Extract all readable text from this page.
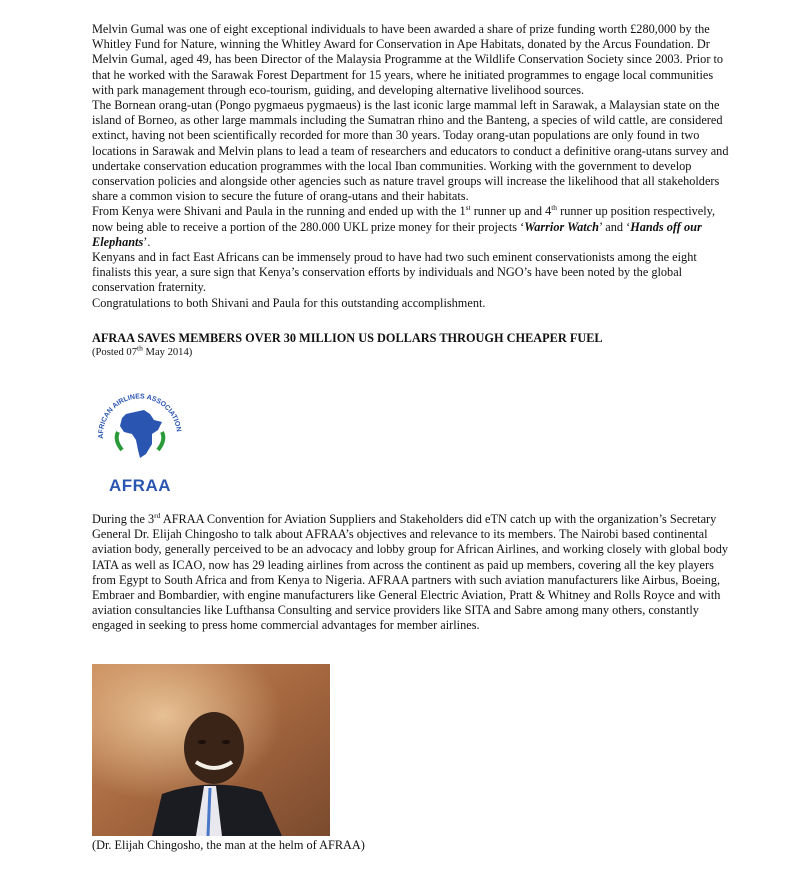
Melvin Gumal was one of eight exceptional individuals to have been awarded a share of prize funding worth £280,000 by the Whitley Fund for Nature, winning the Whitley Award for Conservation in Ape Habitats, donated by the Arcus Foundation. Dr Melvin Gumal, aged 49, has been Director of the Malaysia Programme at the Wildlife Conservation Society since 2003. Prior to that he worked with the Sarawak Forest Department for 15 years, where he initiated programmes to engage local communities with park management through eco-tourism, guiding, and developing alternative livelihood sources.

The Bornean orang-utan (Pongo pygmaeus pygmaeus) is the last iconic large mammal left in Sarawak, a Malaysian state on the island of Borneo, as other large mammals including the Sumatran rhino and the Banteng, a species of wild cattle, are considered extinct, having not been scientifically recorded for more than 30 years. Today orang-utan populations are only found in two locations in Sarawak and Melvin plans to lead a team of researchers and educators to conduct a definitive orang-utans survey and undertake conservation education programmes with the local Iban communities. Working with the government to develop conservation policies and alongside other agencies such as nature travel groups will increase the likelihood that all stakeholders share a common vision to secure the future of orang-utans and their habitats.

From Kenya were Shivani and Paula in the running and ended up with the 1st runner up and 4th runner up position respectively, now being able to receive a portion of the 280.000 UKL prize money for their projects ‘Warrior Watch’ and ‘Hands off our Elephants’.

Kenyans and in fact East Africans can be immensely proud to have had two such eminent conservationists among the eight finalists this year, a sure sign that Kenya’s conservation efforts by individuals and NGO’s have been noted by the global conservation fraternity.

Congratulations to both Shivani and Paula for this outstanding accomplishment.

AFRAA SAVES MEMBERS OVER 30 MILLION US DOLLARS THROUGH CHEAPER FUEL

(Posted 07th May 2014)

AFRICAN AIRLINES ASSOCIATION
AFRAA

During the 3rd AFRAA Convention for Aviation Suppliers and Stakeholders did eTN catch up with the organization’s Secretary General Dr. Elijah Chingosho to talk about AFRAA’s objectives and relevance to its members. The Nairobi based continental aviation body, generally perceived to be an advocacy and lobby group for African Airlines, and working closely with global body IATA as well as ICAO, now has 29 leading airlines from across the continent as paid up members, covering all the key players from Egypt to South Africa and from Kenya to Nigeria. AFRAA partners with such aviation manufacturers like Airbus, Boeing, Embraer and Bombardier, with engine manufacturers like General Electric Aviation, Pratt & Whitney and Rolls Royce and with aviation consultancies like Lufthansa Consulting and service providers like SITA and Sabre among many others, constantly engaged in seeking to press home commercial advantages for member airlines.

(Dr. Elijah Chingosho, the man at the helm of AFRAA)
